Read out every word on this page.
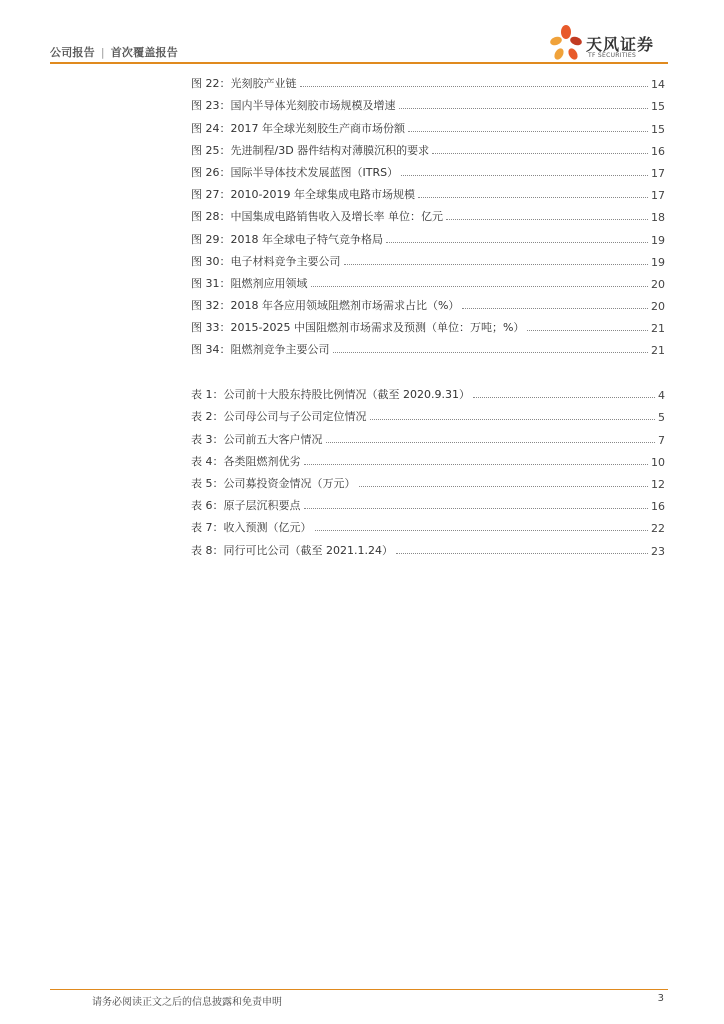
公司报告 | 首次覆盖报告	天风证券
TF SECURITIES
图 22：光刻胶产业链	14
图 23：国内半导体光刻胶市场规模及增速	15
图 24：2017 年全球光刻胶生产商市场份额	15
图 25：先进制程/3D 器件结构对薄膜沉积的要求	16
图 26：国际半导体技术发展蓝图（ITRS）	17
图 27：2010-2019 年全球集成电路市场规模	17
图 28：中国集成电路销售收入及增长率 单位：亿元	18
图 29：2018 年全球电子特气竞争格局	19
图 30：电子材料竞争主要公司	19
图 31：阻燃剂应用领域	20
图 32：2018 年各应用领域阻燃剂市场需求占比（%）	20
图 33：2015-2025 中国阻燃剂市场需求及预测（单位：万吨；%）	21
图 34：阻燃剂竞争主要公司	21
表 1：公司前十大股东持股比例情况（截至 2020.9.31）	4
表 2：公司母公司与子公司定位情况	5
表 3：公司前五大客户情况	7
表 4：各类阻燃剂优劣	10
表 5：公司募投资金情况（万元）	12
表 6：原子层沉积要点	16
表 7：收入预测（亿元）	22
表 8：同行可比公司（截至 2021.1.24）	23
请务必阅读正文之后的信息披露和免责申明	3
